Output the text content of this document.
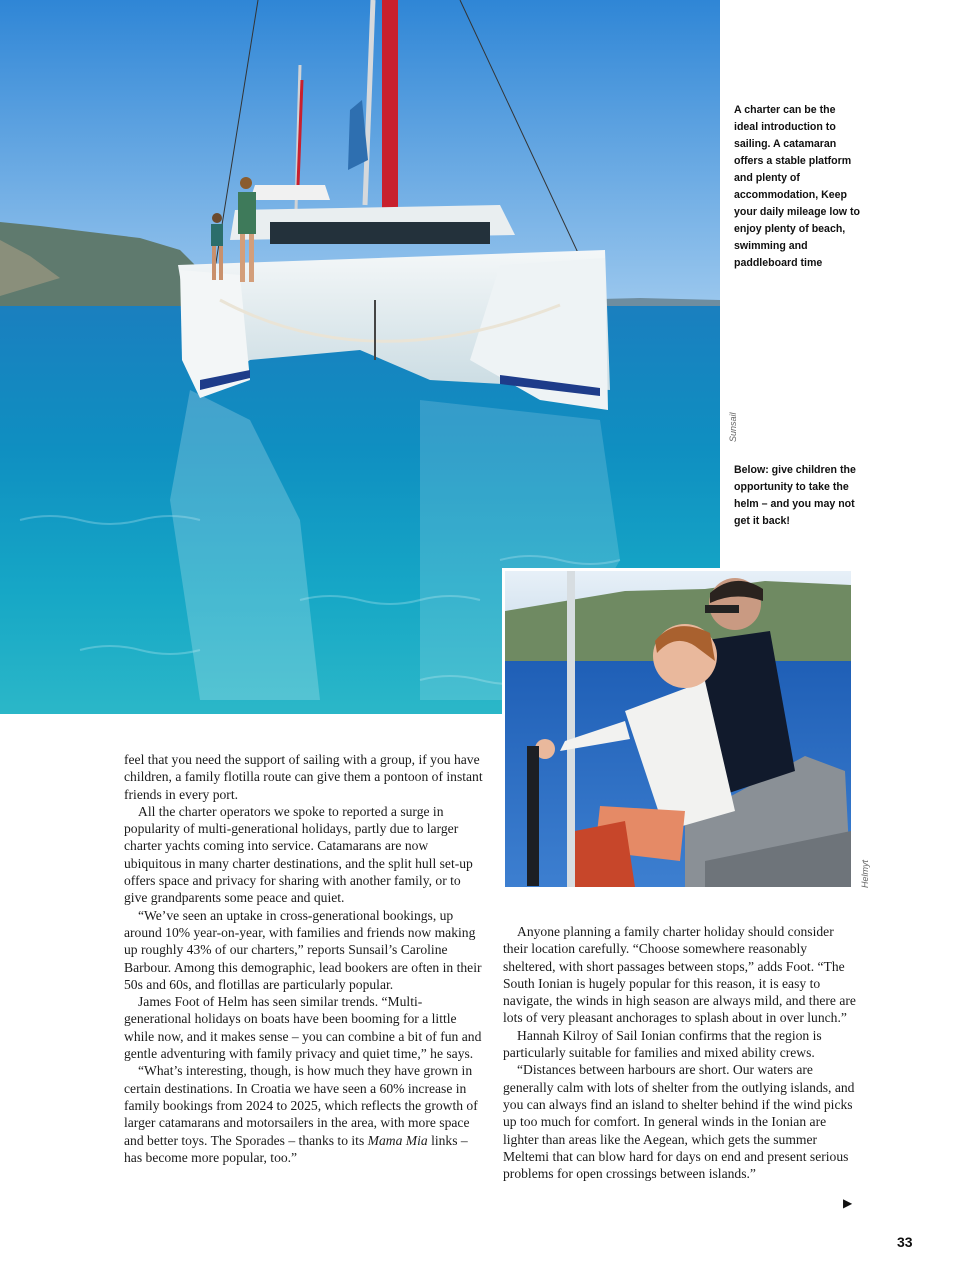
A charter can be the ideal introduction to sailing. A catamaran offers a stable platform and plenty of accommodation, Keep your daily mileage low to enjoy plenty of beach, swimming and paddleboard time
Below: give children the opportunity to take the helm – and you may not get it back!
Sunsail
Helmyt

feel that you need the support of sailing with a group, if you have children, a family flotilla route can give them a pontoon of instant friends in every port.

All the charter operators we spoke to reported a surge in popularity of multi-generational holidays, partly due to larger charter yachts coming into service. Catamarans are now ubiquitous in many charter destinations, and the split hull set-up offers space and privacy for sharing with another family, or to give grandparents some peace and quiet.

“We’ve seen an uptake in cross-generational bookings, up around 10% year-on-year, with families and friends now making up roughly 43% of our charters,” reports Sunsail’s Caroline Barbour. Among this demographic, lead bookers are often in their 50s and 60s, and flotillas are particularly popular.

James Foot of Helm has seen similar trends. “Multi-generational holidays on boats have been booming for a little while now, and it makes sense – you can combine a bit of fun and gentle adventuring with family privacy and quiet time,” he says.

“What’s interesting, though, is how much they have grown in certain destinations. In Croatia we have seen a 60% increase in family bookings from 2024 to 2025, which reflects the growth of larger catamarans and motorsailers in the area, with more space and better toys. The Sporades – thanks to its Mama Mia links – has become more popular, too.”

Anyone planning a family charter holiday should consider their location carefully. “Choose somewhere reasonably sheltered, with short passages between stops,” adds Foot. “The South Ionian is hugely popular for this reason, it is easy to navigate, the winds in high season are always mild, and there are lots of very pleasant anchorages to splash about in over lunch.”

Hannah Kilroy of Sail Ionian confirms that the region is particularly suitable for families and mixed ability crews.

“Distances between harbours are short. Our waters are generally calm with lots of shelter from the outlying islands, and you can always find an island to shelter behind if the wind picks up too much for comfort. In general winds in the Ionian are lighter than areas like the Aegean, which gets the summer Meltemi that can blow hard for days on end and present serious problems for open crossings between islands.”

▶
33
